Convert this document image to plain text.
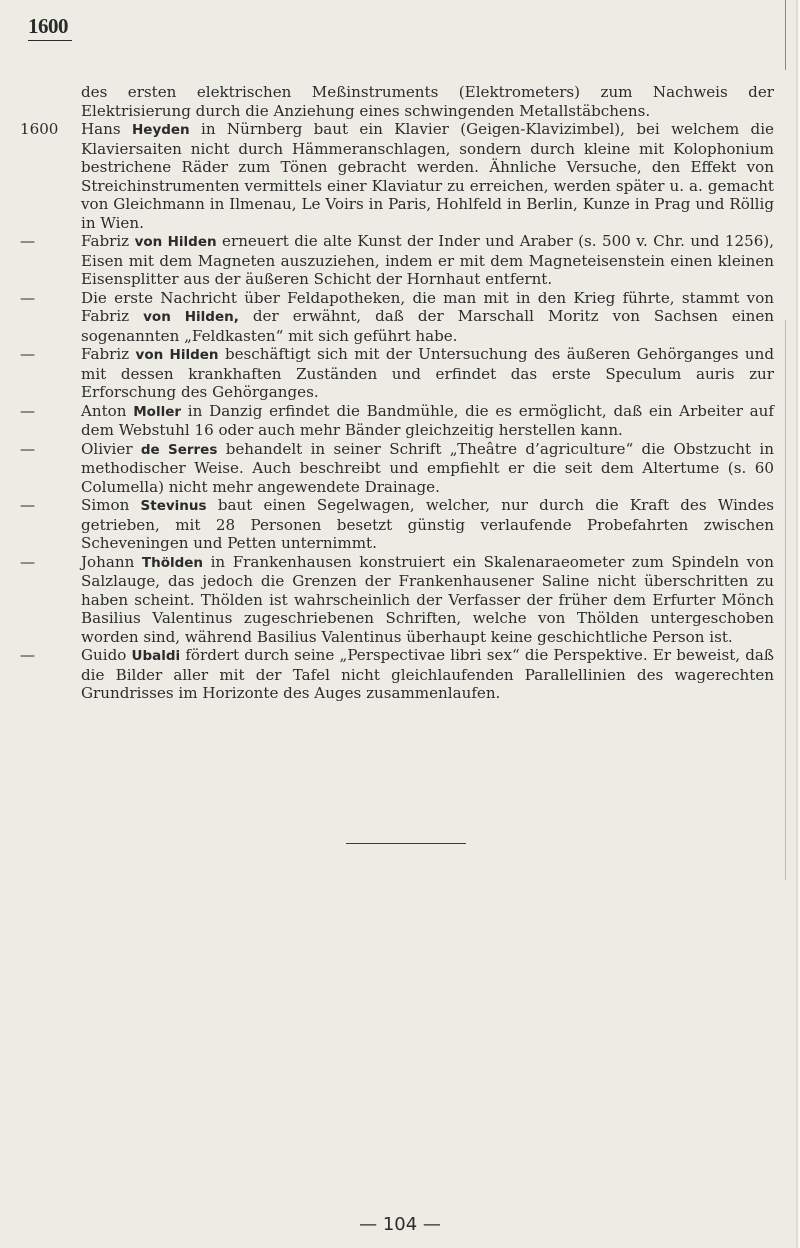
1600
des ersten elektrischen Meßinstruments (Elektrometers) zum Nachweis der Elektrisierung durch die Anziehung eines schwingenden Metallstäbchens.
1600	Hans Heyden in Nürnberg baut ein Klavier (Geigen-Klavizimbel), bei welchem die Klaviersaiten nicht durch Hämmeranschlagen, sondern durch kleine mit Kolophonium bestrichene Räder zum Tönen gebracht werden. Ähnliche Versuche, den Effekt von Streichinstrumenten vermittels einer Klaviatur zu erreichen, werden später u. a. gemacht von Gleichmann in Ilmenau, Le Voirs in Paris, Hohlfeld in Berlin, Kunze in Prag und Röllig in Wien.
—	Fabriz von Hilden erneuert die alte Kunst der Inder und Araber (s. 500 v. Chr. und 1256), Eisen mit dem Magneten auszuziehen, indem er mit dem Magneteisenstein einen kleinen Eisensplitter aus der äußeren Schicht der Hornhaut entfernt.
—	Die erste Nachricht über Feldapotheken, die man mit in den Krieg führte, stammt von Fabriz von Hilden, der erwähnt, daß der Marschall Moritz von Sachsen einen sogenannten „Feldkasten“ mit sich geführt habe.
—	Fabriz von Hilden beschäftigt sich mit der Untersuchung des äußeren Gehörganges und mit dessen krankhaften Zuständen und erfindet das erste Speculum auris zur Erforschung des Gehörganges.
—	Anton Moller in Danzig erfindet die Bandmühle, die es ermöglicht, daß ein Arbeiter auf dem Webstuhl 16 oder auch mehr Bänder gleichzeitig herstellen kann.
—	Olivier de Serres behandelt in seiner Schrift „Theâtre d’agriculture“ die Obstzucht in methodischer Weise. Auch beschreibt und empfiehlt er die seit dem Altertume (s. 60 Columella) nicht mehr angewendete Drainage.
—	Simon Stevinus baut einen Segelwagen, welcher, nur durch die Kraft des Windes getrieben, mit 28 Personen besetzt günstig verlaufende Probefahrten zwischen Scheveningen und Petten unternimmt.
—	Johann Thölden in Frankenhausen konstruiert ein Skalenaraeometer zum Spindeln von Salzlauge, das jedoch die Grenzen der Frankenhausener Saline nicht überschritten zu haben scheint. Thölden ist wahrscheinlich der Verfasser der früher dem Erfurter Mönch Basilius Valentinus zugeschriebenen Schriften, welche von Thölden untergeschoben worden sind, während Basilius Valentinus überhaupt keine geschichtliche Person ist.
—	Guido Ubaldi fördert durch seine „Perspectivae libri sex“ die Perspektive. Er beweist, daß die Bilder aller mit der Tafel nicht gleichlaufenden Parallellinien des wagerechten Grundrisses im Horizonte des Auges zusammenlaufen.
— 104 —
